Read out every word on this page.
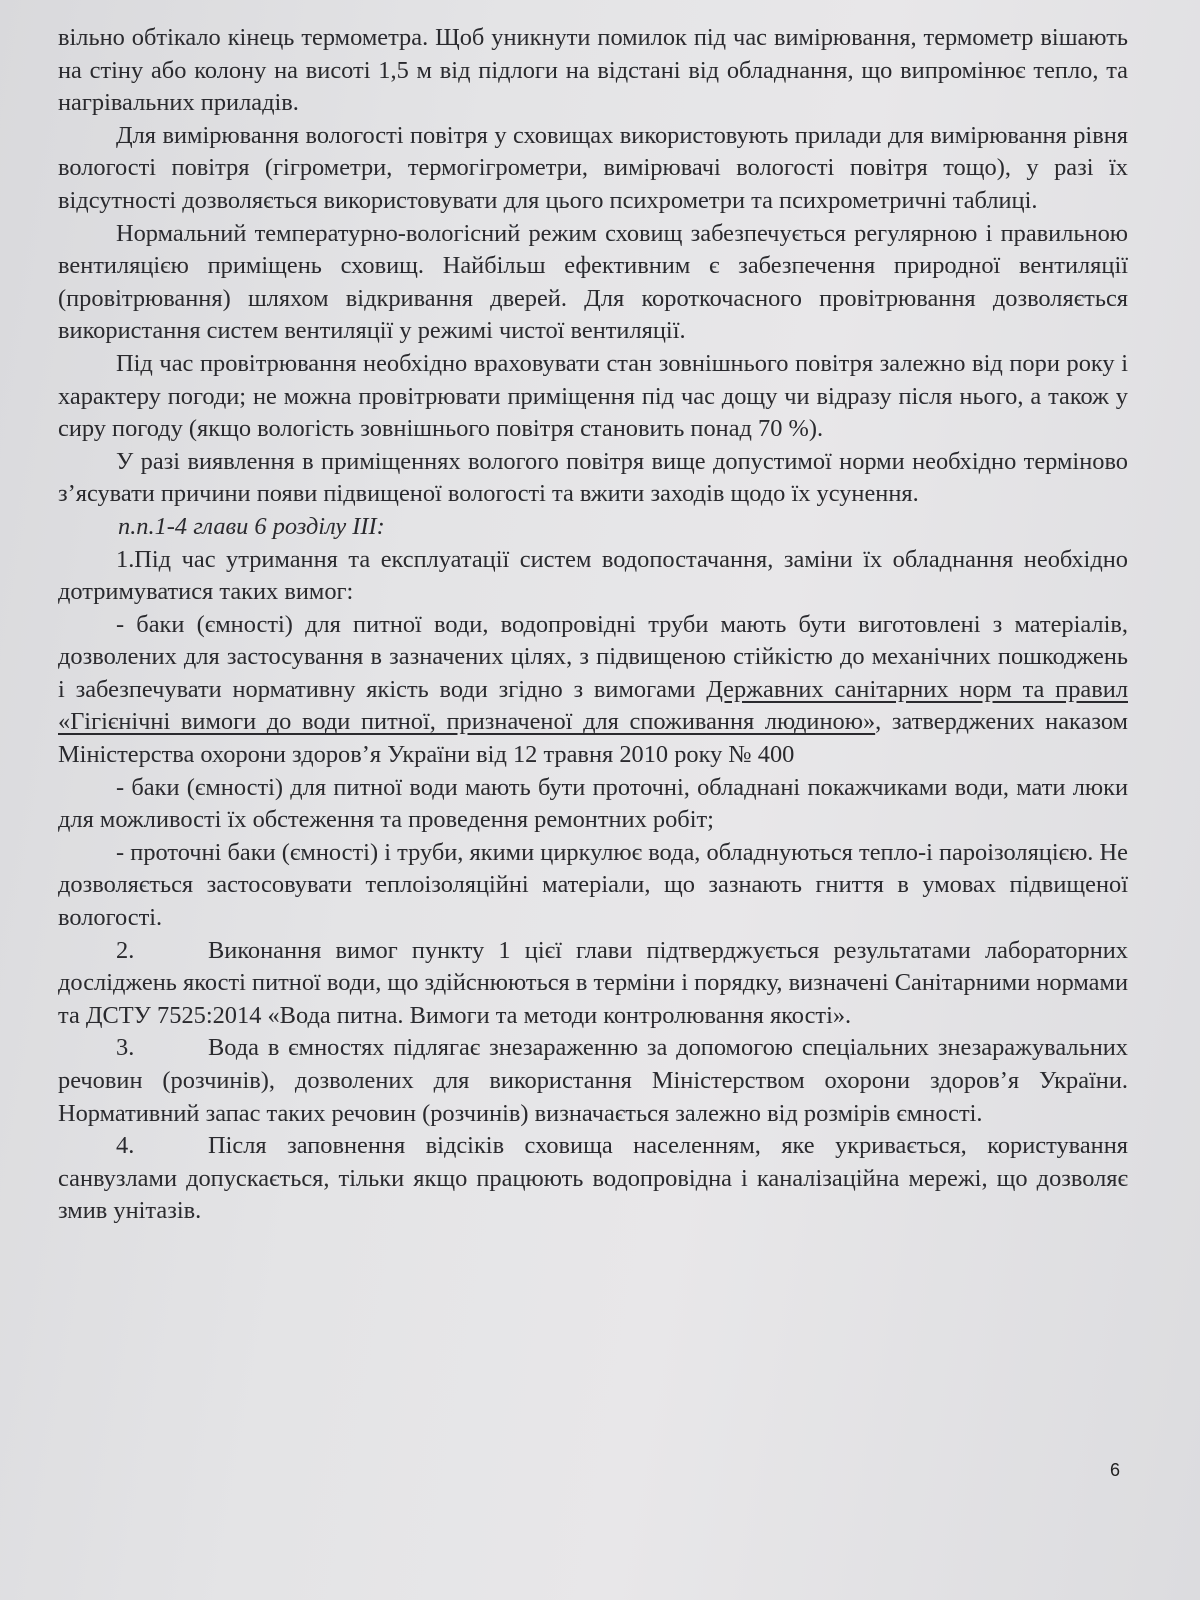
вільно обтікало кінець термометра. Щоб уникнути помилок під час вимірювання, термометр вішають на стіну або колону на висоті 1,5 м від підлоги на відстані від обладнання, що випромінює тепло, та нагрівальних приладів.

Для вимірювання вологості повітря у сховищах використовують прилади для вимірювання рівня вологості повітря (гігрометри, термогігрометри, вимірювачі вологості повітря тощо), у разі їх відсутності дозволяється використовувати для цього психрометри та психрометричні таблиці.

Нормальний температурно-вологісний режим сховищ забезпечується регулярною і правильною вентиляцією приміщень сховищ. Найбільш ефективним є забезпечення природної вентиляції (провітрювання) шляхом відкривання дверей. Для короткочасного провітрювання дозволяється використання систем вентиляції у режимі чистої вентиляції.

Під час провітрювання необхідно враховувати стан зовнішнього повітря залежно від пори року і характеру погоди; не можна провітрювати приміщення під час дощу чи відразу після нього, а також у сиру погоду (якщо вологість зовнішнього повітря становить понад 70 %).

У разі виявлення в приміщеннях вологого повітря вище допустимої норми необхідно терміново з’ясувати причини появи підвищеної вологості та вжити заходів щодо їх усунення.

п.п.1-4 глави 6 розділу ІІІ:

1.Під час утримання та експлуатації систем водопостачання, заміни їх обладнання необхідно дотримуватися таких вимог:

- баки (ємності) для питної води, водопровідні труби мають бути виготовлені з матеріалів, дозволених для застосування в зазначених цілях, з підвищеною стійкістю до механічних пошкоджень і забезпечувати нормативну якість води згідно з вимогами Державних санітарних норм та правил «Гігієнічні вимоги до води питної, призначеної для споживання людиною», затверджених наказом Міністерства охорони здоров’я України від 12 травня 2010 року № 400

- баки (ємності) для питної води мають бути проточні, обладнані покажчиками води, мати люки для можливості їх обстеження та проведення ремонтних робіт;

- проточні баки (ємності) і труби, якими циркулює вода, обладнуються тепло-і пароізоляцією. Не дозволяється застосовувати теплоізоляційні матеріали, що зазнають гниття в умовах підвищеної вологості.

2.	Виконання вимог пункту 1 цієї глави підтверджується результатами лабораторних досліджень якості питної води, що здійснюються в терміни і порядку, визначені Санітарними нормами та ДСТУ 7525:2014 «Вода питна. Вимоги та методи контролювання якості».

3.	Вода в ємностях підлягає знезараженню за допомогою спеціальних знезаражувальних речовин (розчинів), дозволених для використання Міністерством охорони здоров’я України. Нормативний запас таких речовин (розчинів) визначається залежно від розмірів ємності.

4.	Після заповнення відсіків сховища населенням, яке укривається, користування санвузлами допускається, тільки якщо працюють водопровідна і каналізаційна мережі, що дозволяє змив унітазів.

6
